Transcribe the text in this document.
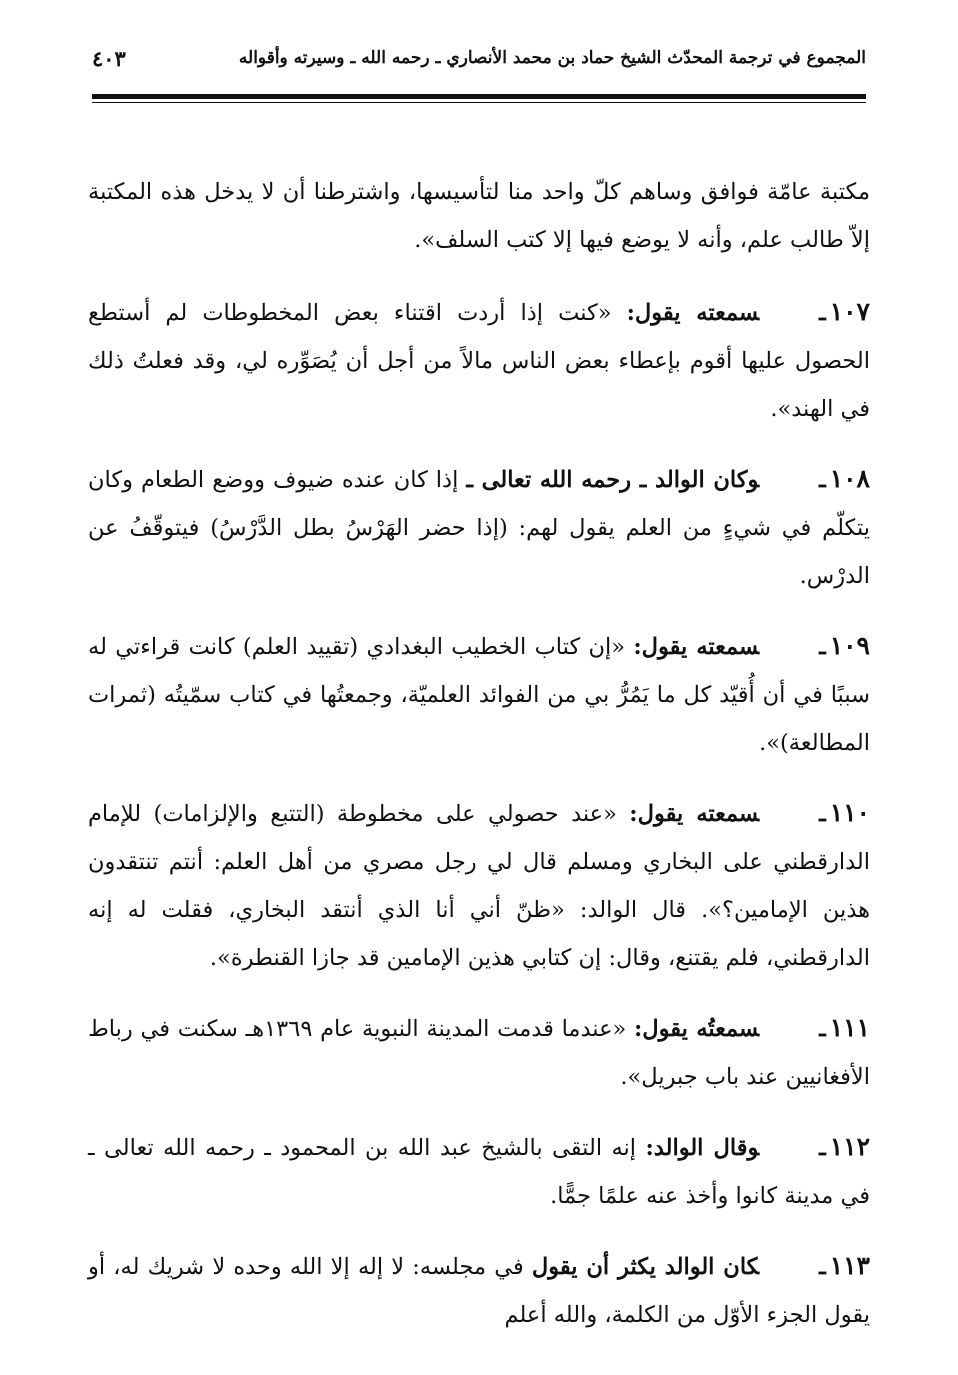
المجموع في ترجمة المحدّث الشيخ حماد بن محمد الأنصاري ـ رحمه الله ـ وسيرته وأقواله
٤٠٣

مكتبة عامّة فوافق وساهم كلّ واحد منا لتأسيسها، واشترطنا أن لا يدخل هذه المكتبة إلاّ طالب علم، وأنه لا يوضع فيها إلا كتب السلف».

١٠٧ـسمعته يقول: «كنت إذا أردت اقتناء بعض المخطوطات لم أستطع الحصول عليها أقوم بإعطاء بعض الناس مالاً من أجل أن يُصَوِّره لي، وقد فعلتُ ذلك في الهند».

١٠٨ـوكان الوالد ـ رحمه الله تعالى ـ إذا كان عنده ضيوف ووضع الطعام وكان يتكلّم في شيءٍ من العلم يقول لهم: (إذا حضر الهَرْسُ بطل الدَّرْسُ) فيتوقّفُ عن الدرْس.

١٠٩ـسمعته يقول: «إن كتاب الخطيب البغدادي (تقييد العلم) كانت قراءتي له سببًا في أن أُقيّد كل ما يَمُرُّ بي من الفوائد العلميّة، وجمعتُها في كتاب سمّيتُه (ثمرات المطالعة)».

١١٠ـسمعته يقول: «عند حصولي على مخطوطة (التتبع والإلزامات) للإمام الدارقطني على البخاري ومسلم قال لي رجل مصري من أهل العلم: أنتم تنتقدون هذين الإمامين؟». قال الوالد: «ظنّ أني أنا الذي أنتقد البخاري، فقلت له إنه الدارقطني، فلم يقتنع، وقال: إن كتابي هذين الإمامين قد جازا القنطرة».

١١١ـسمعتُه يقول: «عندما قدمت المدينة النبوية عام ١٣٦٩هـ سكنت في رباط الأفغانيين عند باب جبريل».

١١٢ـوقال الوالد: إنه التقى بالشيخ عبد الله بن المحمود ـ رحمه الله تعالى ـ في مدينة كانوا وأخذ عنه علمًا جمًّا.

١١٣ـكان الوالد يكثر أن يقول في مجلسه: لا إله إلا الله وحده لا شريك له، أو يقول الجزء الأوّل من الكلمة، والله أعلم
